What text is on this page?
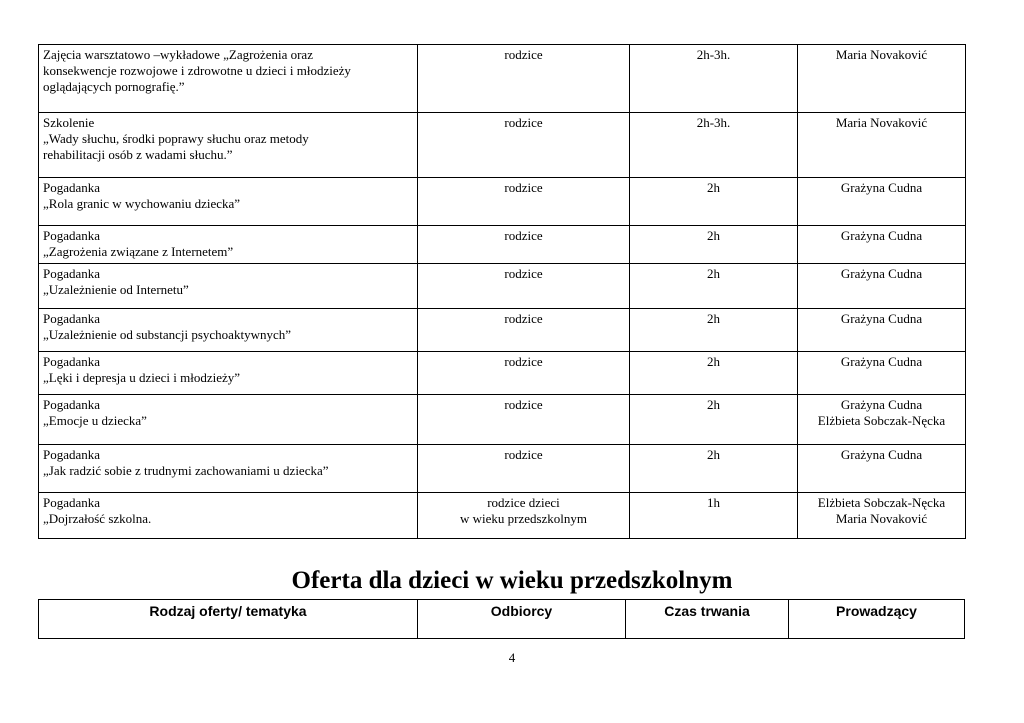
Zajęcia warsztatowo –wykładowe „Zagrożenia oraz
konsekwencje rozwojowe i zdrowotne u dzieci i młodzieży
oglądających pornografię.”	rodzice	2h-3h.	Maria Novaković

Szkolenie
„Wady słuchu, środki poprawy słuchu oraz metody
rehabilitacji osób z wadami słuchu.”	rodzice	2h-3h.	Maria Novaković

Pogadanka
„Rola granic w wychowaniu dziecka”	rodzice	2h	Grażyna Cudna

Pogadanka
„Zagrożenia związane z Internetem”	rodzice	2h	Grażyna Cudna

Pogadanka
„Uzależnienie od Internetu”	rodzice	2h	Grażyna Cudna

Pogadanka
„Uzależnienie od substancji psychoaktywnych”	rodzice	2h	Grażyna Cudna

Pogadanka
„Lęki i depresja u dzieci i młodzieży”	rodzice	2h	Grażyna Cudna

Pogadanka
„Emocje u dziecka”	rodzice	2h	Grażyna Cudna
Elżbieta Sobczak-Nęcka

Pogadanka
„Jak radzić sobie z trudnymi zachowaniami u dziecka”	rodzice	2h	Grażyna Cudna

Pogadanka
„Dojrzałość szkolna.	rodzice dzieci
w wieku przedszkolnym	1h	Elżbieta Sobczak-Nęcka
Maria Novaković
Oferta dla dzieci w wieku przedszkolnym
Rodzaj oferty/ tematyka	Odbiorcy	Czas trwania	Prowadzący
4
